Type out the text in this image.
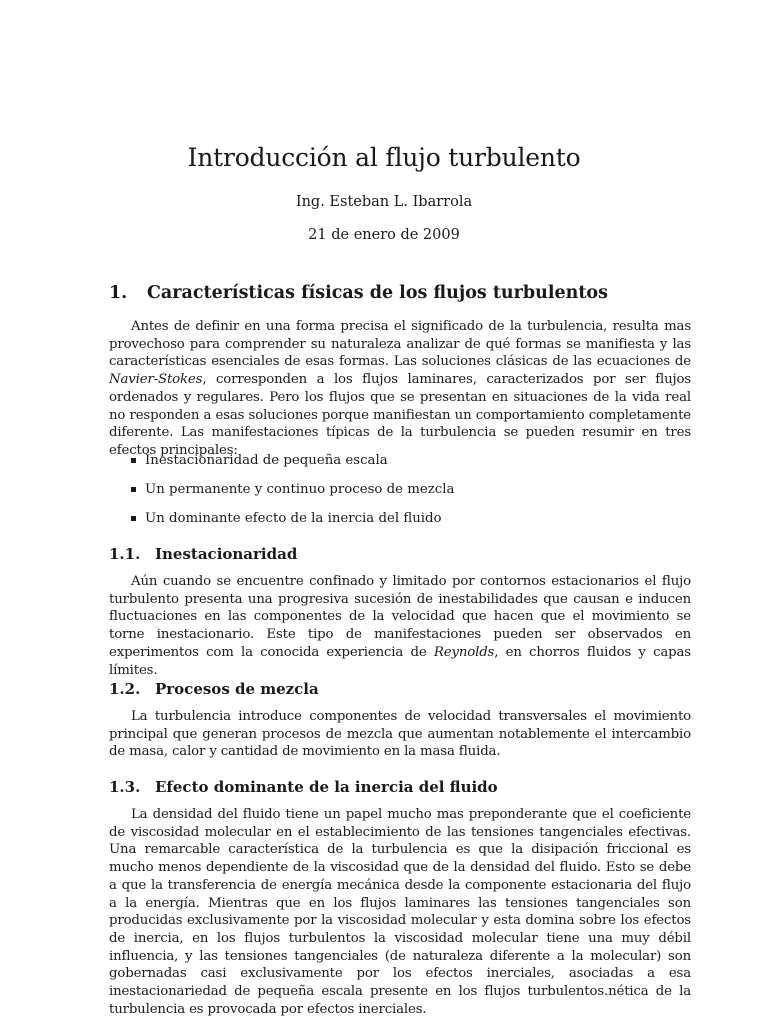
Introducción al flujo turbulento
Ing. Esteban L. Ibarrola
21 de enero de 2009
1. Características físicas de los flujos turbulentos

Antes de definir en una forma precisa el significado de la turbulencia, resulta mas provechoso para comprender su naturaleza analizar de qué formas se manifiesta y las características esenciales de esas formas. Las soluciones clásicas de las ecuaciones de Navier-Stokes, corresponden a los flujos laminares, caracterizados por ser flujos ordenados y regulares. Pero los flujos que se presentan en situaciones de la vida real no responden a esas soluciones porque manifiestan un comportamiento completamente diferente. Las manifestaciones típicas de la turbulencia se pueden resumir en tres efectos principales:

Inestacionaridad de pequeña escala
Un permanente y continuo proceso de mezcla
Un dominante efecto de la inercia del fluido
1.1. Inestacionaridad

Aún cuando se encuentre confinado y limitado por contornos estacionarios el flujo turbulento presenta una progresiva sucesión de inestabilidades que causan e inducen fluctuaciones en las componentes de la velocidad que hacen que el movimiento se torne inestacionario. Este tipo de manifestaciones pueden ser observados en experimentos com la conocida experiencia de Reynolds, en chorros fluidos y capas límites.

1.2. Procesos de mezcla

La turbulencia introduce componentes de velocidad transversales el movimiento principal que generan procesos de mezcla que aumentan notablemente el intercambio de masa, calor y cantidad de movimiento en la masa fluida.

1.3. Efecto dominante de la inercia del fluido

La densidad del fluido tiene un papel mucho mas preponderante que el coeficiente de viscosidad molecular en el establecimiento de las tensiones tangenciales efectivas. Una remarcable característica de la turbulencia es que la disipación friccional es mucho menos dependiente de la viscosidad que de la densidad del fluido. Esto se debe a que la transferencia de energía mecánica desde la componente estacionaria del flujo a la energía. Mientras que en los flujos laminares las tensiones tangenciales son producidas exclusivamente por la viscosidad molecular y esta domina sobre los efectos de inercia, en los flujos turbulentos la viscosidad molecular tiene una muy débil influencia, y las tensiones tangenciales (de naturaleza diferente a la molecular) son gobernadas casi exclusivamente por los efectos inerciales, asociadas a esa inestacionariedad de pequeña escala presente en los flujos turbulentos.nética de la turbulencia es provocada por efectos inerciales.
